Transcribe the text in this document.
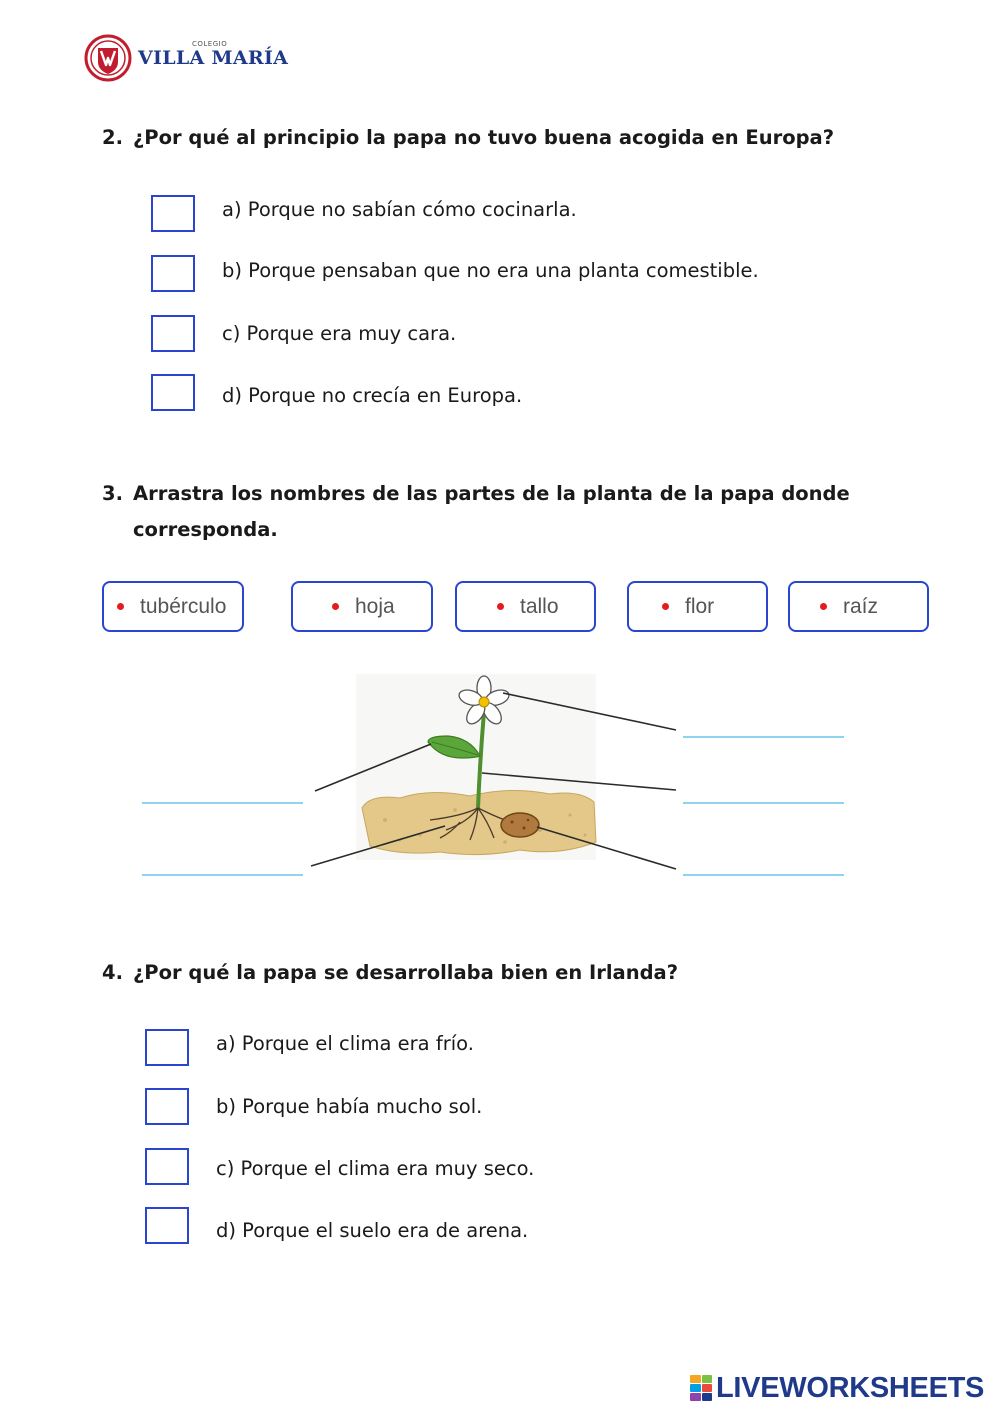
COLEGIO
VILLA MARÍA
2. ¿Por qué al principio la papa no tuvo buena acogida en Europa?
a) Porque no sabían cómo cocinarla.
b) Porque pensaban que no era una planta comestible.
c) Porque era muy cara.
d) Porque no crecía en Europa.
3. Arrastra los nombres de las partes de la planta de la papa donde
corresponda.
tubérculo	hoja	tallo	flor	raíz
4. ¿Por qué la papa se desarrollaba bien en Irlanda?
a) Porque el clima era frío.
b) Porque había mucho sol.
c) Porque el clima era muy seco.
d) Porque el suelo era de arena.
LIVEWORKSHEETS
